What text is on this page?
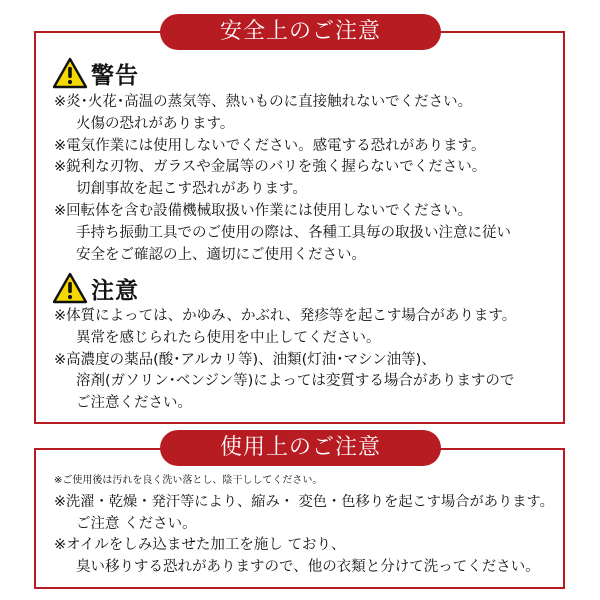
安全上のご注意
警告
※炎･火花･高温の蒸気等、熱いものに直接触れないでください。
火傷の恐れがあります。
※電気作業には使用しないでください。感電する恐れがあります。
※鋭利な刃物、ガラスや金属等のバリを強く握らないでください。
切創事故を起こす恐れがあります。
※回転体を含む設備機械取扱い作業には使用しないでください。
手持ち振動工具でのご使用の際は、各種工具毎の取扱い注意に従い
安全をご確認の上、適切にご使用ください。
注意
※体質によっては、かゆみ、かぶれ、発疹等を起こす場合があります。
異常を感じられたら使用を中止してください。
※高濃度の薬品(酸･アルカリ等)、油類(灯油･マシン油等)、
溶剤(ガソリン･ベンジン等)によっては変質する場合がありますので
ご注意ください。
使用上のご注意
※ご使用後は汚れを良く洗い落とし、陰干ししてください。
※洗濯・乾燥・発汗等により、縮み・ 変色・色移りを起こす場合があります。
ご注意 ください。
※オイルをしみ込ませた加工を施し ており、
臭い移りする恐れがありますので、他の衣類と分けて洗ってください。
